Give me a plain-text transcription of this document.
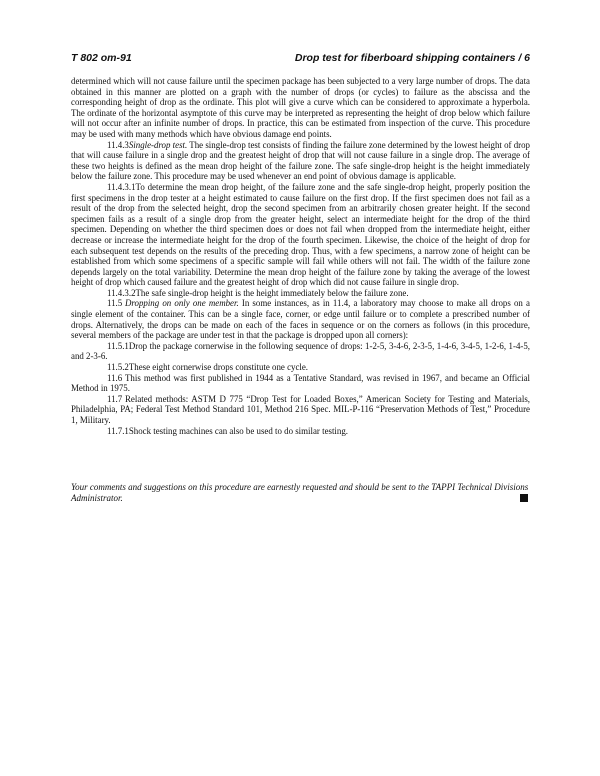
T 802 om-91	Drop test for fiberboard shipping containers / 6

determined which will not cause failure until the specimen package has been subjected to a very large number of drops. The data obtained in this manner are plotted on a graph with the number of drops (or cycles) to failure as the abscissa and the corresponding height of drop as the ordinate. This plot will give a curve which can be considered to approximate a hyperbola. The ordinate of the horizontal asymptote of this curve may be interpreted as representing the height of drop below which failure will not occur after an infinite number of drops. In practice, this can be estimated from inspection of the curve. This procedure may be used with many methods which have obvious damage end points.

11.4.3Single-drop test. The single-drop test consists of finding the failure zone determined by the lowest height of drop that will cause failure in a single drop and the greatest height of drop that will not cause failure in a single drop. The average of these two heights is defined as the mean drop height of the failure zone. The safe single-drop height is the height immediately below the failure zone. This procedure may be used whenever an end point of obvious damage is applicable.

11.4.3.1To determine the mean drop height, of the failure zone and the safe single-drop height, properly position the first specimens in the drop tester at a height estimated to cause failure on the first drop. If the first specimen does not fail as a result of the drop from the selected height, drop the second specimen from an arbitrarily chosen greater height. If the second specimen fails as a result of a single drop from the greater height, select an intermediate height for the drop of the third specimen. Depending on whether the third specimen does or does not fail when dropped from the intermediate height, either decrease or increase the intermediate height for the drop of the fourth specimen. Likewise, the choice of the height of drop for each subsequent test depends on the results of the preceding drop. Thus, with a few specimens, a narrow zone of height can be established from which some specimens of a specific sample will fail while others will not fail. The width of the failure zone depends largely on the total variability. Determine the mean drop height of the failure zone by taking the average of the lowest height of drop which caused failure and the greatest height of drop which did not cause failure in single drop.

11.4.3.2The safe single-drop height is the height immediately below the failure zone.

11.5 Dropping on only one member. In some instances, as in 11.4, a laboratory may choose to make all drops on a single element of the container. This can be a single face, corner, or edge until failure or to complete a prescribed number of drops. Alternatively, the drops can be made on each of the faces in sequence or on the corners as follows (in this procedure, several members of the package are under test in that the package is dropped upon all corners):

11.5.1Drop the package cornerwise in the following sequence of drops: 1-2-5, 3-4-6, 2-3-5, 1-4-6, 3-4-5, 1-2-6, 1-4-5, and 2-3-6.

11.5.2These eight cornerwise drops constitute one cycle.

11.6 This method was first published in 1944 as a Tentative Standard, was revised in 1967, and became an Official Method in 1975.

11.7 Related methods: ASTM D 775 “Drop Test for Loaded Boxes,” American Society for Testing and Materials, Philadelphia, PA; Federal Test Method Standard 101, Method 216 Spec. MIL-P-116 “Preservation Methods of Test,” Procedure 1, Military.

11.7.1Shock testing machines can also be used to do similar testing.

Your comments and suggestions on this procedure are earnestly requested and should be sent to the TAPPI Technical Divisions Administrator.
